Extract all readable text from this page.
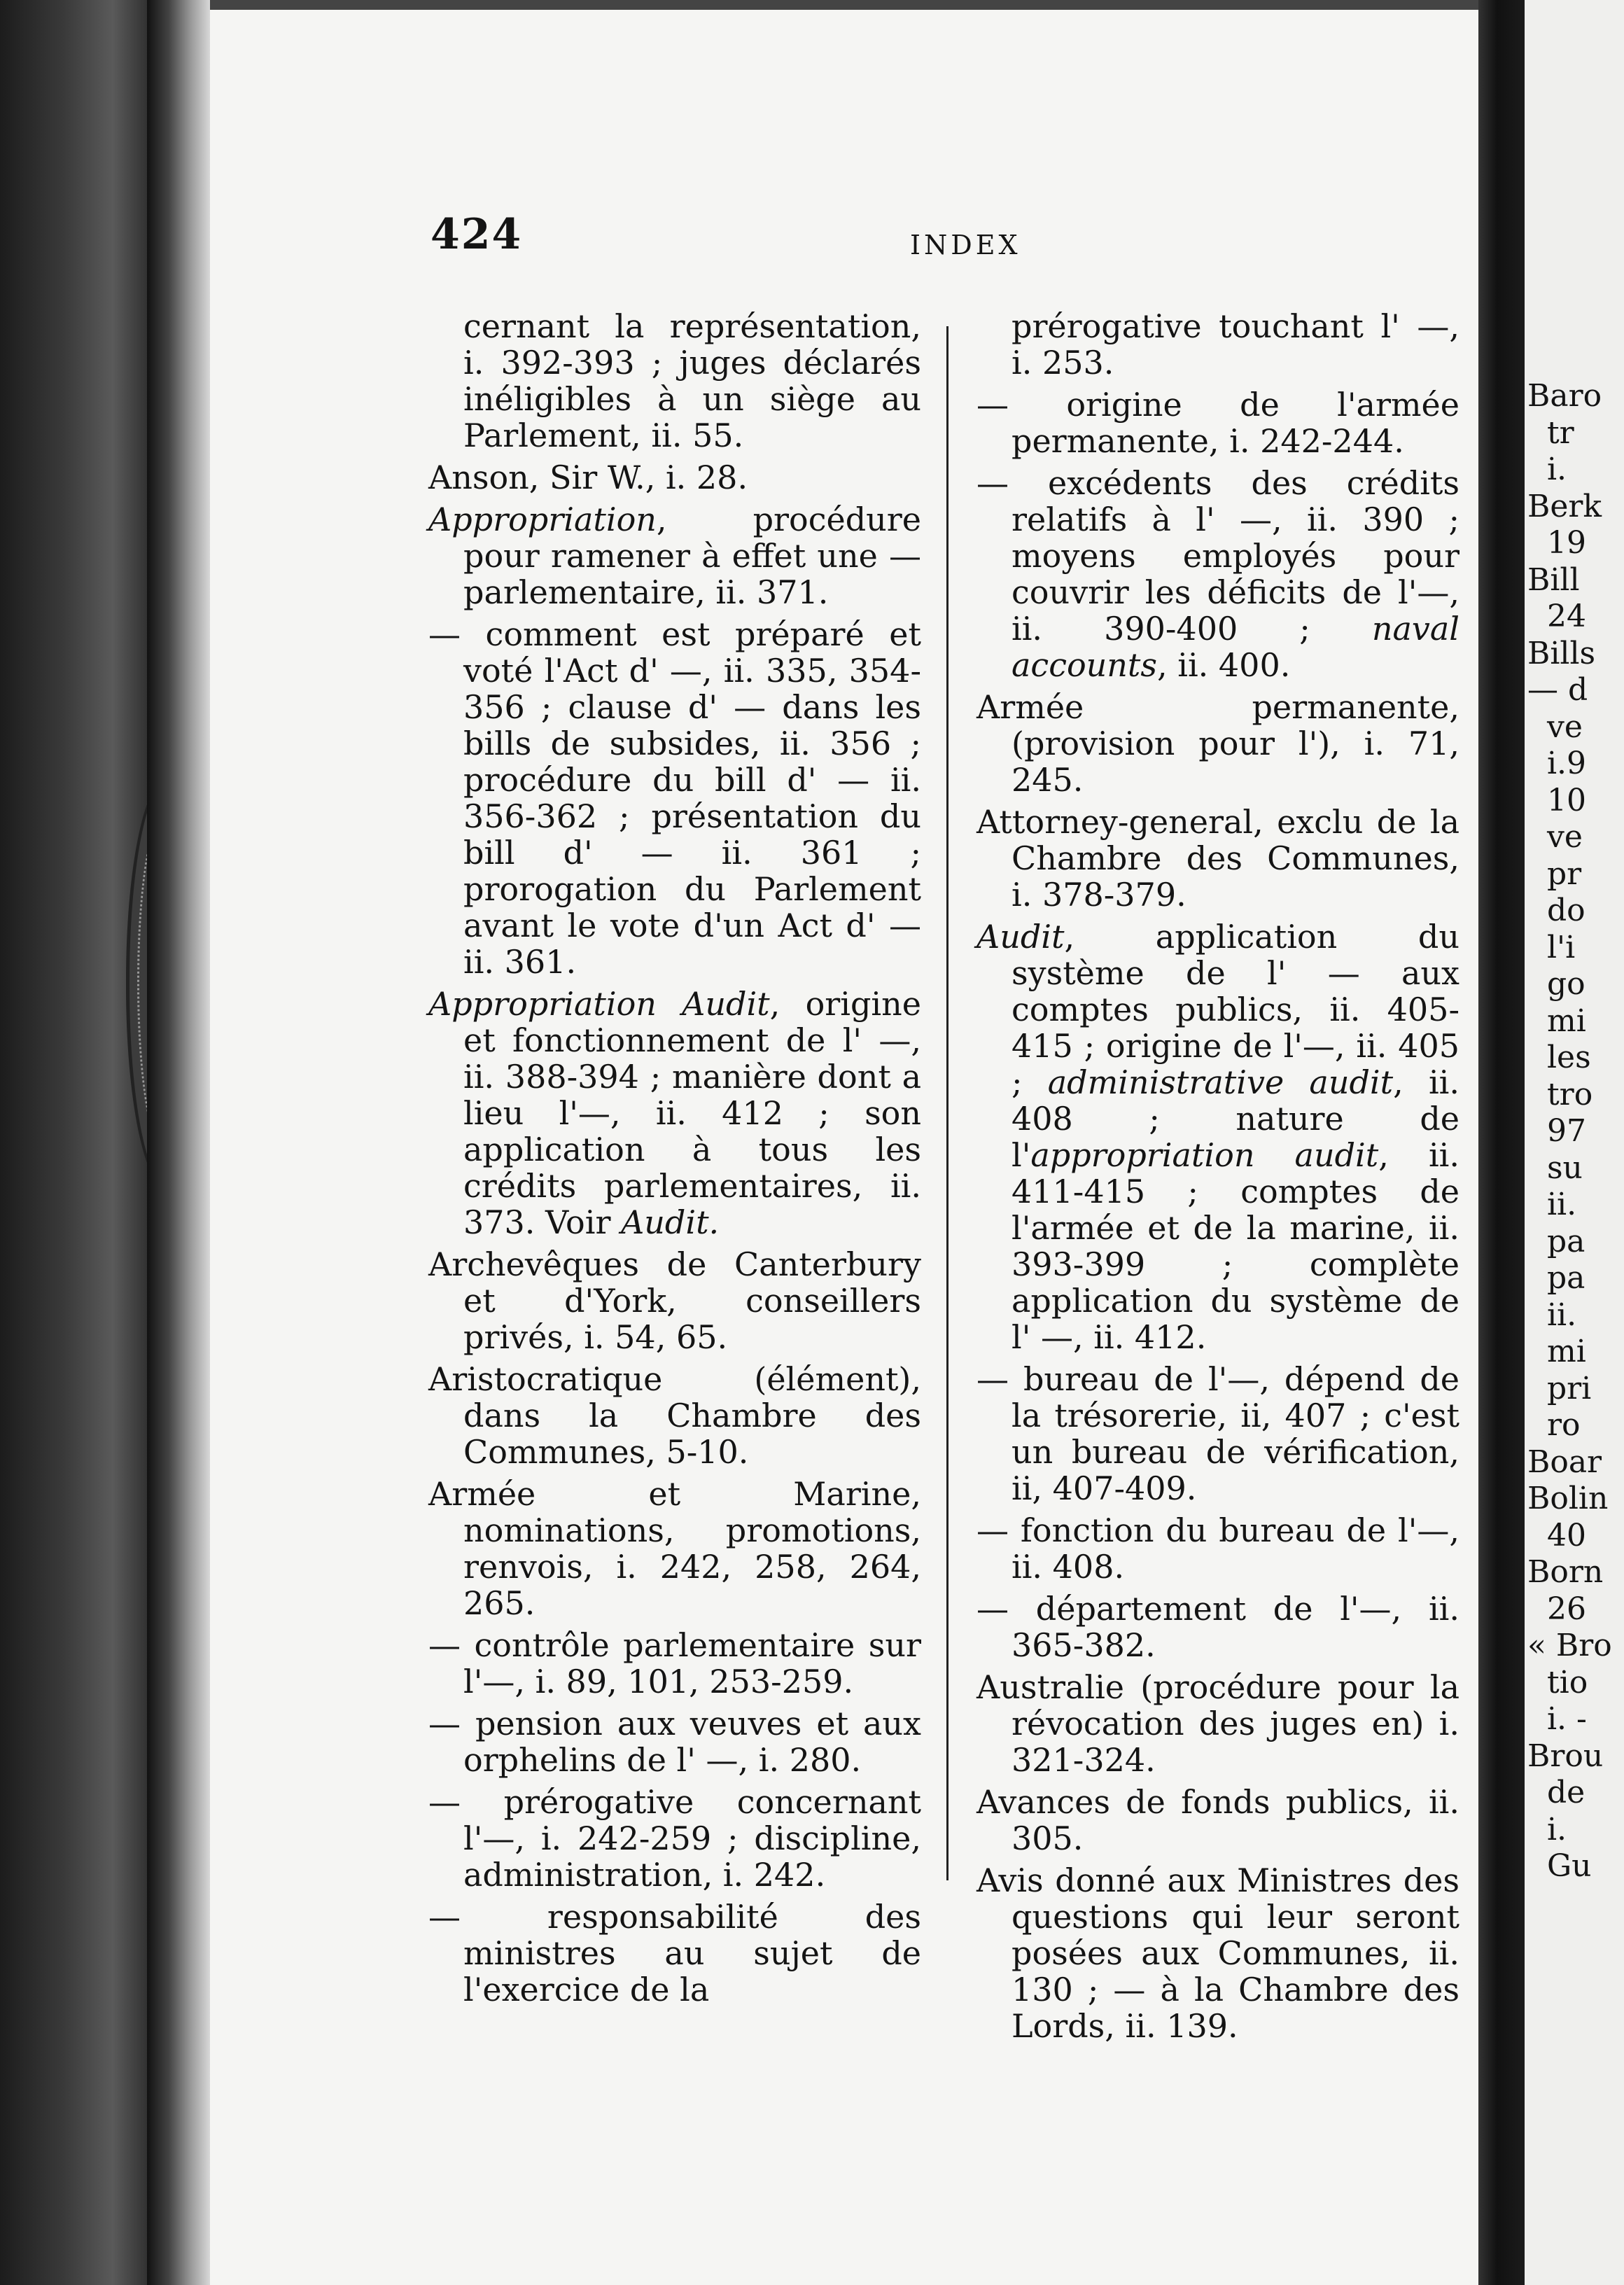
424	INDEX
cernant la représentation, i. 392-393 ; juges déclarés inéligibles à un siège au Parlement, ii. 55.
Anson, Sir W., i. 28.
Appropriation, procédure pour ramener à effet une — parlementaire, ii. 371.
— comment est préparé et voté l'Act d' —, ii. 335, 354-356 ; clause d' — dans les bills de subsides, ii. 356 ; procédure du bill d' — ii. 356-362 ; présentation du bill d' — ii. 361 ; prorogation du Parlement avant le vote d'un Act d' — ii. 361.
Appropriation Audit, origine et fonctionnement de l' —, ii. 388-394 ; manière dont a lieu l'—, ii. 412 ; son application à tous les crédits parlementaires, ii. 373. Voir Audit.
Archevêques de Canterbury et d'York, conseillers privés, i. 54, 65.
Aristocratique (élément), dans la Chambre des Communes, 5-10.
Armée et Marine, nominations, promotions, renvois, i. 242, 258, 264, 265.
— contrôle parlementaire sur l'—, i. 89, 101, 253-259.
— pension aux veuves et aux orphelins de l' —, i. 280.
— prérogative concernant l'—, i. 242-259 ; discipline, administration, i. 242.
— responsabilité des ministres au sujet de l'exercice de la
prérogative touchant l' —, i. 253.
— origine de l'armée permanente, i. 242-244.
— excédents des crédits relatifs à l' —, ii. 390 ; moyens employés pour couvrir les déficits de l'—, ii. 390-400 ; naval accounts, ii. 400.
Armée permanente, (provision pour l'), i. 71, 245.
Attorney-general, exclu de la Chambre des Communes, i. 378-379.
Audit, application du système de l' — aux comptes publics, ii. 405-415 ; origine de l'—, ii. 405 ; administrative audit, ii. 408 ; nature de l'appropriation audit, ii. 411-415 ; comptes de l'armée et de la marine, ii. 393-399 ; complète application du système de l' —, ii. 412.
— bureau de l'—, dépend de la trésorerie, ii, 407 ; c'est un bureau de vérification, ii, 407-409.
— fonction du bureau de l'—, ii. 408.
— département de l'—, ii. 365-382.
Australie (procédure pour la révocation des juges en) i. 321-324.
Avances de fonds publics, ii. 305.
Avis donné aux Ministres des questions qui leur seront posées aux Communes, ii. 130 ; — à la Chambre des Lords, ii. 139.
Baro
tr
i.
Berk
19
Bill
24
Bills
— d
ve
i.9
10
ve
pr
do
l'i
go
mi
les
tro
97
su
ii.
pa
pa
ii.
mi
pri
ro
Boar
Bolin
40
Born
26
« Bro
tio
i. -
Brou
de
i.
Gu
